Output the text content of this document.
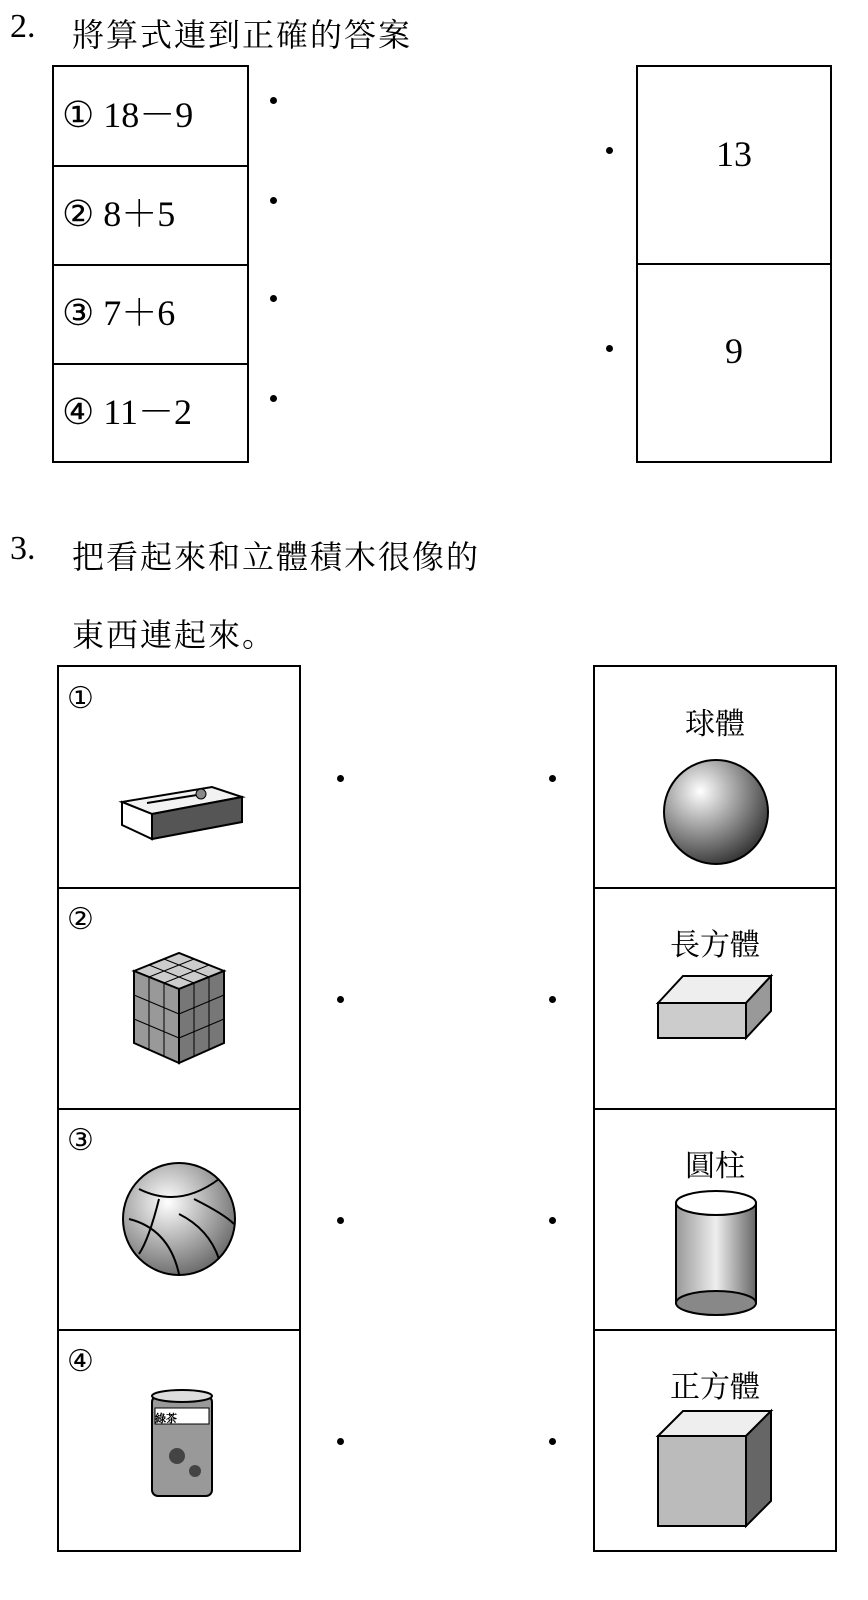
2. 將算式連到正確的答案
① 18－9
② 8＋5
③ 7＋6
④ 11－2
13
9
3. 把看起來和立體積木很像的
東西連起來。
①
②
③
④
綠茶
球體
長方體
圓柱
正方體
